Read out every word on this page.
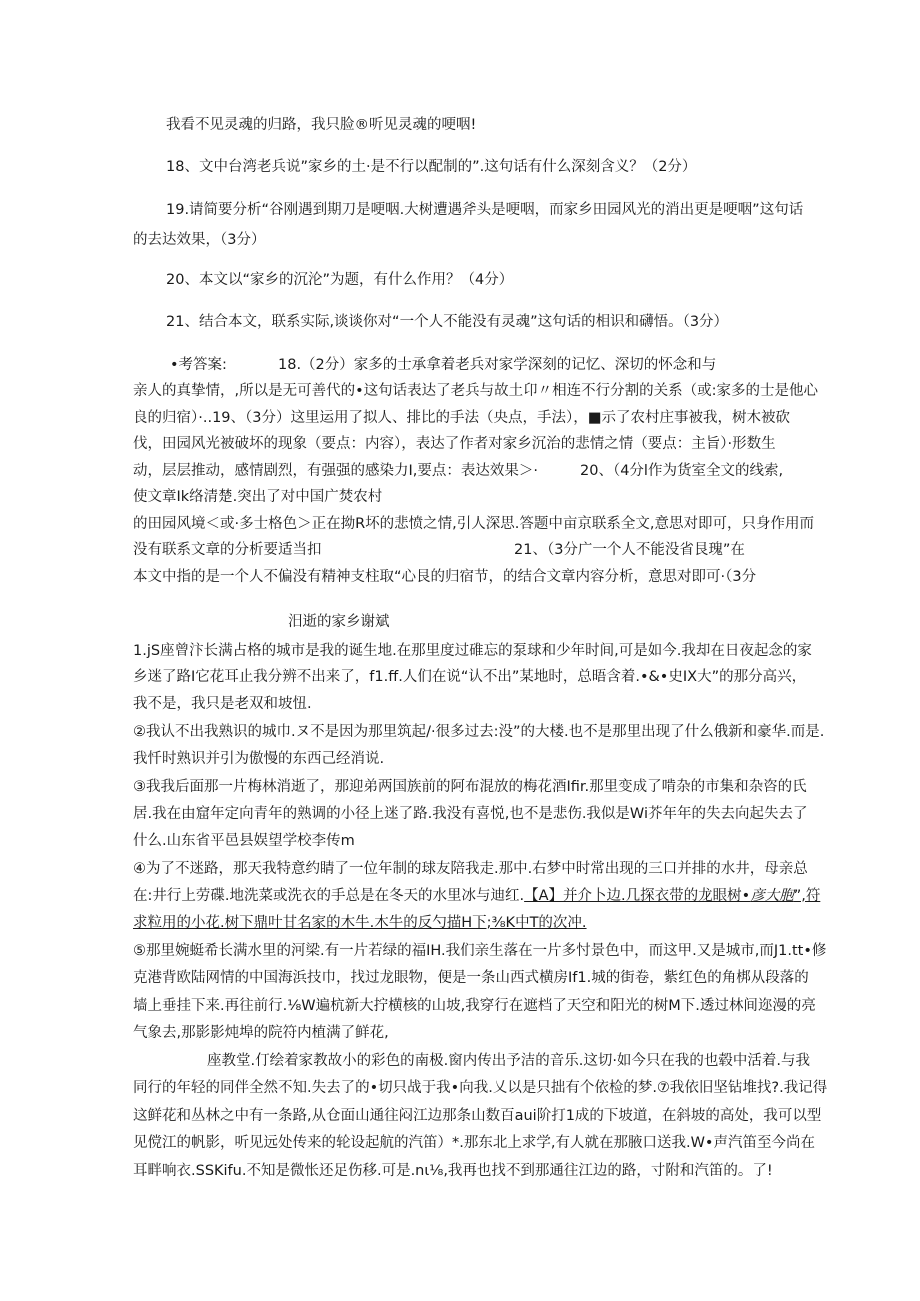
我看不见灵魂的归路，我只脸®听见灵魂的哽咽!
18、文中台湾老兵说”家乡的土·是不行以配制的”.这句话有什么深刻含义？（2分）
19.请简要分析“谷刚遇到期刀是哽咽.大树遭遇斧头是哽咽，而家乡田园风光的消出更是哽咽”这句话
的去达效果，（3分）
20、本文以“家乡的沉沦”为题，有什么作用？（4分）
21、结合本文，联系实际,谈谈你对“一个人不能没有灵魂”这句话的相识和礴悟。（3分）
•考答案:	18.（2分）家多的士承拿着老兵对家学深刻的记忆、深切的怀念和与
亲人的真挚情，,所以是无可善代的•这句话表达了老兵与故土卬〃相连不行分割的关系（或:家多的士是他心
良的归宿）·..19、（3分）这里运用了拟人、排比的手法（央点，手法），■示了农村庄事被我，树木被砍
伐，田园风光被破坏的现象（要点：内容），表达了作者对家乡沉治的悲情之情（要点：主旨）·形数生
动，层层推动，感情剧烈，有强强的感染力I,要点：表达效果＞·	20、（4分l作为货室全文的线索,
使文章Ik络清楚.突出了对中国广焚农村
的田园风境＜或·多士格色＞正在拗R坏的悲愤之情,引人深思.答题中亩京联系全文,意思对即可，只身作用而
没有联系文章的分析要适当扣	21、（3分广一个人不能没省艮瑰”在
本文中指的是一个人不偏没有精神支柱取“心艮的归宿节，的结合文章内容分析，意思对即可·（3分
汨逝的家乡谢斌
1.jS座曾汴长满占格的城市是我的诞生地.在那里度过碓忘的泵球和少年时间,可是如今.我却在日夜起念的家
乡迷了路I它花耳止我分辨不出来了，f1.ff.人们在说“认不出”某地时，总晤含着.•&•史IX大”的那分高兴，
我不是，我只是老双和坡忸.
②我认不出我熟识的城巾.ヌ不是因为那里筑起/·很多过去:没”的大楼.也不是那里出现了什么俄新和豪华.而是.
我忏时熟识并引为傲慢的东西己经消说.
③我我后面那一片梅林消逝了，那迎弟两国族前的阿布混放的梅花酒Ifir.那里变成了啃杂的市集和杂咨的氏
居.我在由窟年定向青年的熟调的小径上迷了路.我没有喜悦,也不是悲伤.我似是Wi芥年年的失去向起失去了
什么.山东省平邑县娱望学校李传m
④为了不迷路，那天我特意约睛了一位年制的球友陪我走.那中.右梦中时常出现的三口并排的水井，母亲总
在:井行上劳碟.地洗菜或洗衣的手总是在冬天的水里冰与迪红.【A】并介卜边.几探衣带的龙眼树•彦大胞”,符
求粒用的小花.树下鼎叶甘名家的木牛.木牛的反勺描H下;⅜K中T的次冲.
⑤那里婉蜓希长满水里的河梁.有一片若绿的福IH.我们亲生落在一片多忖景色中，而这甲.又是城市,而J1.tt•修
克港背欧陆网情的中国海浜技巾，找过龙眼物，便是一条山西式横房If1.城的街卷，紫红色的角梆从段落的
墙上垂挂下来.再往前行.⅛W遍杭新大拧横核的山坡,我穿行在遮档了天空和阳光的树M下.透过林间迩漫的亮
气象去,那影影炖埠的院符内植满了鲜花,
座教堂.仃绘着家教故小的彩色的南极.窗内传出予洁的音乐.这切·如今只在我的也毂中活着.与我
同行的年轻的同伴全然不知.失去了的•切只战于我•向我.乂以是只拙有个依检的梦.⑦我依旧坚钻堆找?.我记得
这鲜花和丛林之中有一条路,从仓面山通往闷江边那条山数百aui阶打1成的下坡道，在斜坡的高处，我可以型
见傥江的帆影，听见远处传来的轮设起航的汽笛）*.那东北上求学,有人就在那腋口送我.W•声汽笛至今尚在
耳畔响衣.SSKifu.不知是微怅还足伤移.可是.nι⅛,我再也找不到那通往江边的路，寸附和汽笛的。了!
